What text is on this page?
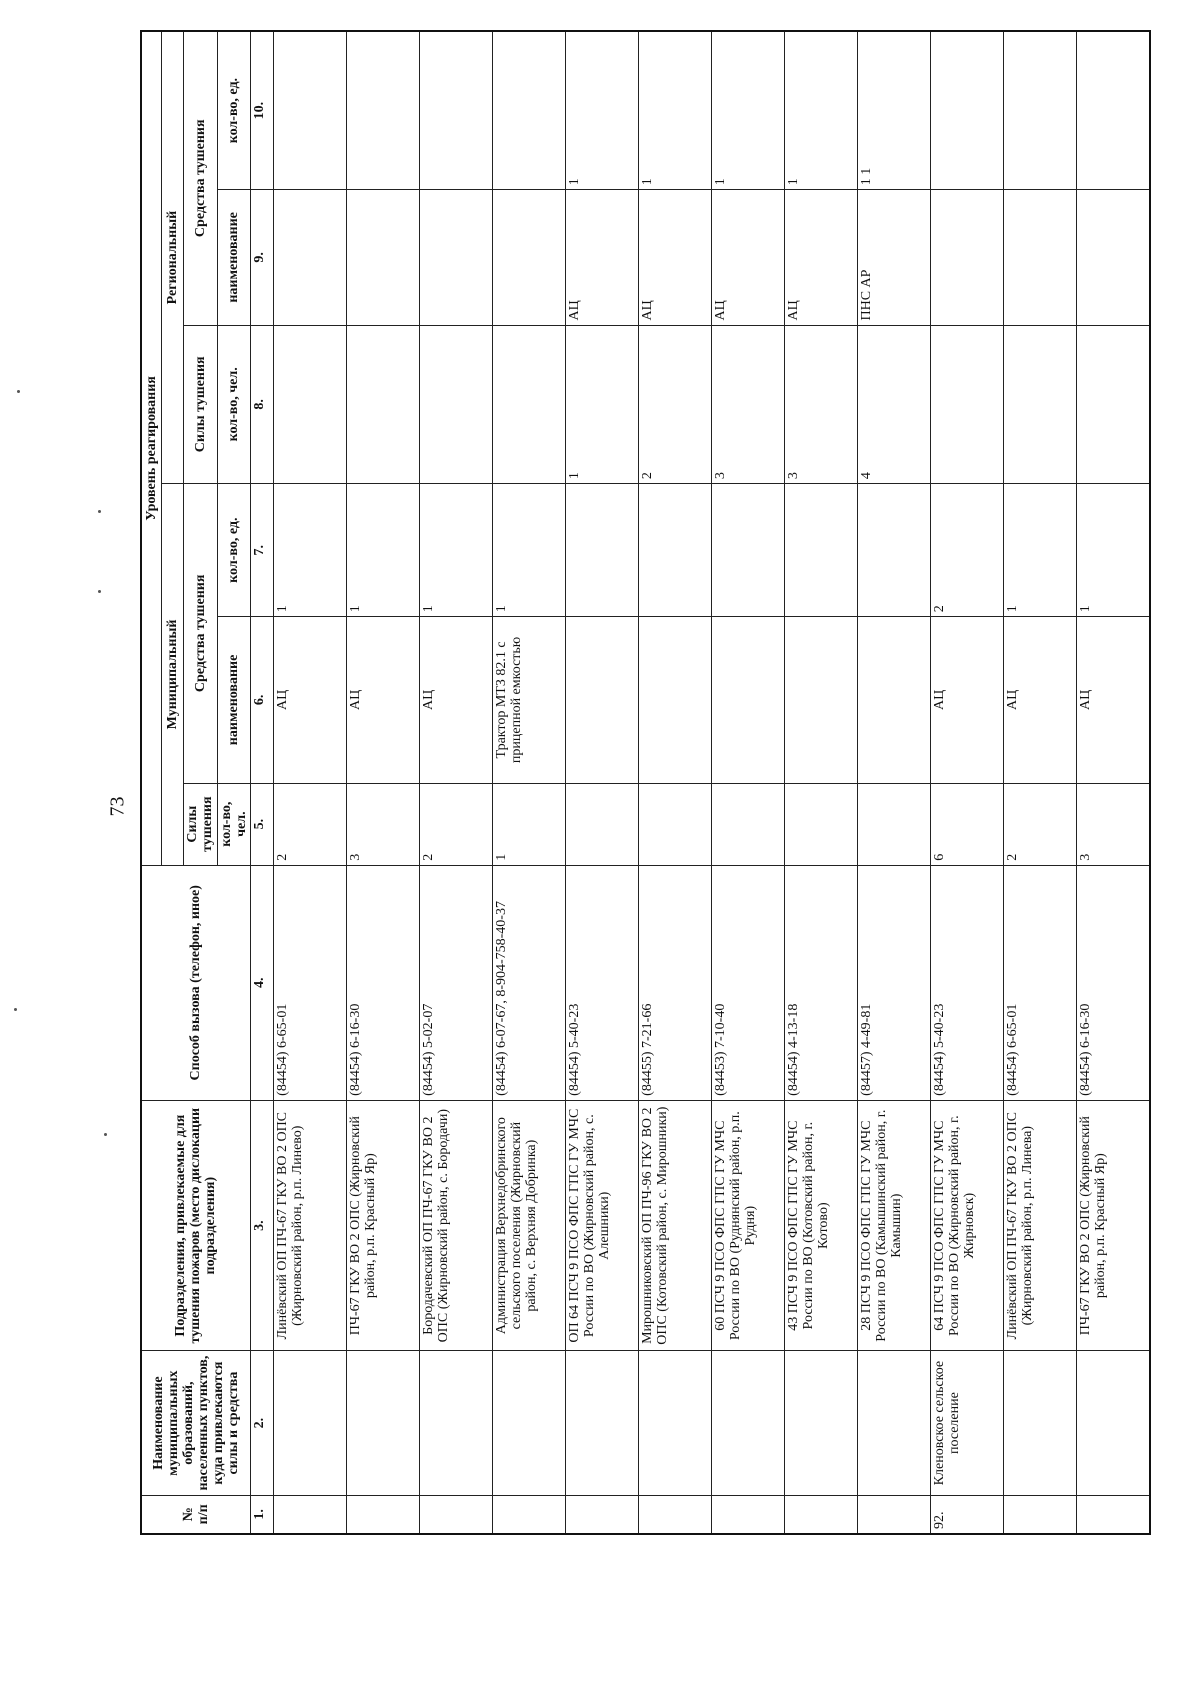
73
№ п/п	Наименование муниципальных образований, населенных пунктов, куда привлекаются силы и средства	Подразделения, привлекаемые для тушения пожаров (место дислокации подразделения)	Способ вызова (телефон, иное)	Уровень реагирования					
				Муниципальный			Региональный		
				Силы тушения	Средства тушения		Силы тушения	Средства тушения	
				кол-во, чел.	наименование	кол-во, ед.	кол-во, чел.	наименование	кол-во, ед.
1.	2.	3.	4.	5.	6.	7.	8.	9.	10.
		Линёвский ОП ПЧ-67 ГКУ ВО 2 ОПС (Жирновский район, р.п. Линево)	(84454) 6-65-01	2	АЦ	1			
		ПЧ-67 ГКУ ВО 2 ОПС (Жирновский район, р.п. Красный Яр)	(84454) 6-16-30	3	АЦ	1			
		Бородачевский ОП ПЧ-67 ГКУ ВО 2 ОПС (Жирновский район, с. Бородачи)	(84454) 5-02-07	2	АЦ	1			
		Администрация Верхнедобринского сельского поселения (Жирновский район, с. Верхняя Добринка)	(84454) 6-07-67, 8-904-758-40-37	1	Трактор МТЗ 82.1 с прицепной емкостью	1			
		ОП 64 ПСЧ 9 ПСО ФПС ГПС ГУ МЧС России по ВО (Жирновский район, с. Алешники)	(84454) 5-40-23				1	АЦ	1
		Мирошниковский ОП ПЧ-96 ГКУ ВО 2 ОПС (Котовский район, с. Мирошники)	(84455) 7-21-66				2	АЦ	1
		60 ПСЧ 9 ПСО ФПС ГПС ГУ МЧС России по ВО (Руднянский район, р.п. Рудня)	(84453) 7-10-40				3	АЦ	1
		43 ПСЧ 9 ПСО ФПС ГПС ГУ МЧС России по ВО (Котовский район, г. Котово)	(84454) 4-13-18				3	АЦ	1
		28 ПСЧ 9 ПСО ФПС ГПС ГУ МЧС России по ВО (Камышинский район, г. Камышин)	(84457) 4-49-81				4	ПНС АР	1 1
92.	Кленовское сельское поселение	64 ПСЧ 9 ПСО ФПС ГПС ГУ МЧС России по ВО (Жирновский район, г. Жирновск)	(84454) 5-40-23	6	АЦ	2			
		Линёвский ОП ПЧ-67 ГКУ ВО 2 ОПС (Жирновский район, р.п. Линева)	(84454) 6-65-01	2	АЦ	1			
		ПЧ-67 ГКУ ВО 2 ОПС (Жирновский район, р.п. Красный Яр)	(84454) 6-16-30	3	АЦ	1			
